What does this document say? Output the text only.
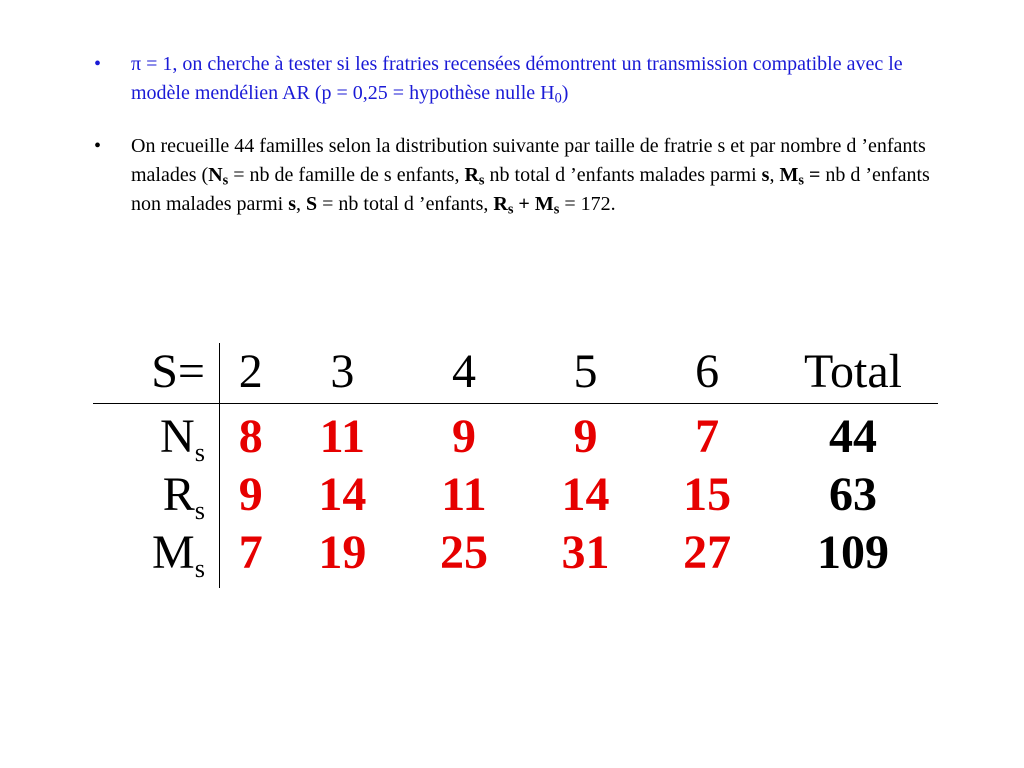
• π = 1, on cherche à tester si les fratries recensées démontrent un transmission compatible avec le modèle mendélien AR (p = 0,25 = hypothèse nulle $H_0$)
• On recueille 44 familles selon la distribution suivante par taille de fratrie s et par nombre d ’enfants malades ($N_s$ = nb de famille de s enfants, $R_s$ nb total d ’enfants malades parmi s, $M_s$ = nb d ’enfants non malades parmi s, S = nb total d ’enfants, $R_s + M_s = 172$.
S=	2	3	4	5	6	Total
$N_s$	8	11	9	9	7	44
$R_s$	9	14	11	14	15	63
$M_s$	7	19	25	31	27	109
